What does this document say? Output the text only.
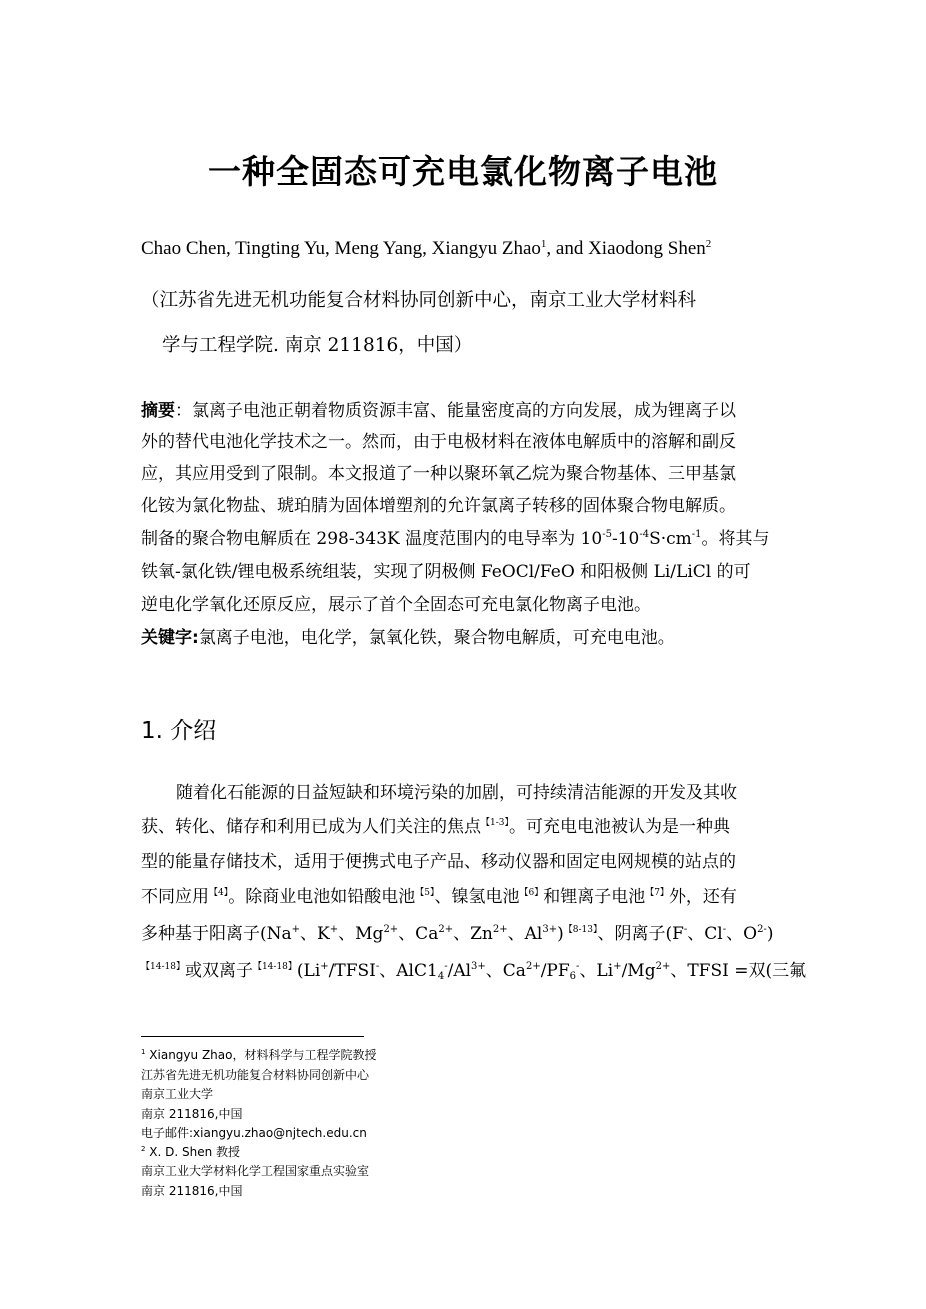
一种全固态可充电氯化物离子电池
Chao Chen, Tingting Yu, Meng Yang, Xiangyu Zhao$^1$, and Xiaodong Shen$^2$
（江苏省先进无机功能复合材料协同创新中心，南京工业大学材料科
学与工程学院. 南京 211816，中国）
摘要：氯离子电池正朝着物质资源丰富、能量密度高的方向发展，成为锂离子以
外的替代电池化学技术之一。然而，由于电极材料在液体电解质中的溶解和副反
应，其应用受到了限制。本文报道了一种以聚环氧乙烷为聚合物基体、三甲基氯
化铵为氯化物盐、琥珀腈为固体增塑剂的允许氯离子转移的固体聚合物电解质。
制备的聚合物电解质在 298-343K 温度范围内的电导率为 $10^{-5}-10^{-4}S\cdot cm^{-1}$。将其与
铁氧-氯化铁/锂电极系统组装，实现了阴极侧 FeOCl/FeO 和阳极侧 Li/LiCl 的可
逆电化学氧化还原反应，展示了首个全固态可充电氯化物离子电池。
关键字:氯离子电池，电化学，氯氧化铁，聚合物电解质，可充电电池。
1. 介绍
随着化石能源的日益短缺和环境污染的加剧，可持续清洁能源的开发及其收
获、转化、储存和利用已成为人们关注的焦点$^{【1-3】}$。可充电电池被认为是一种典
型的能量存储技术，适用于便携式电子产品、移动仪器和固定电网规模的站点的
不同应用$^{【4】}$。除商业电池如铅酸电池$^{【5】}$、镍氢电池$^{【6】}$和锂离子电池$^{【7】}$外，还有
多种基于阳离子(Na+、K+、$Mg^{2+}$、$Ca^{2+}$、$Zn^{2+}$、$Al^{3+})^{【8-13】}$、阴离子(F-、Cl-、$O^{2-}$)
$^{【14-18】}$或双离子$^{【14-18】}$(Li+/TFSI-、$AlC1_4^-/Al^{3+}$、$Ca^{2+}/PF_6^-$、$Li^+/Mg^{2+}$、TFSI =双(三氟
$^1$ Xiangyu Zhao，材料科学与工程学院教授
江苏省先进无机功能复合材料协同创新中心
南京工业大学
南京 211816,中国
电子邮件:xiangyu.zhao@njtech.edu.cn
$^2$ X. D. Shen 教授
南京工业大学材料化学工程国家重点实验室
南京 211816,中国
